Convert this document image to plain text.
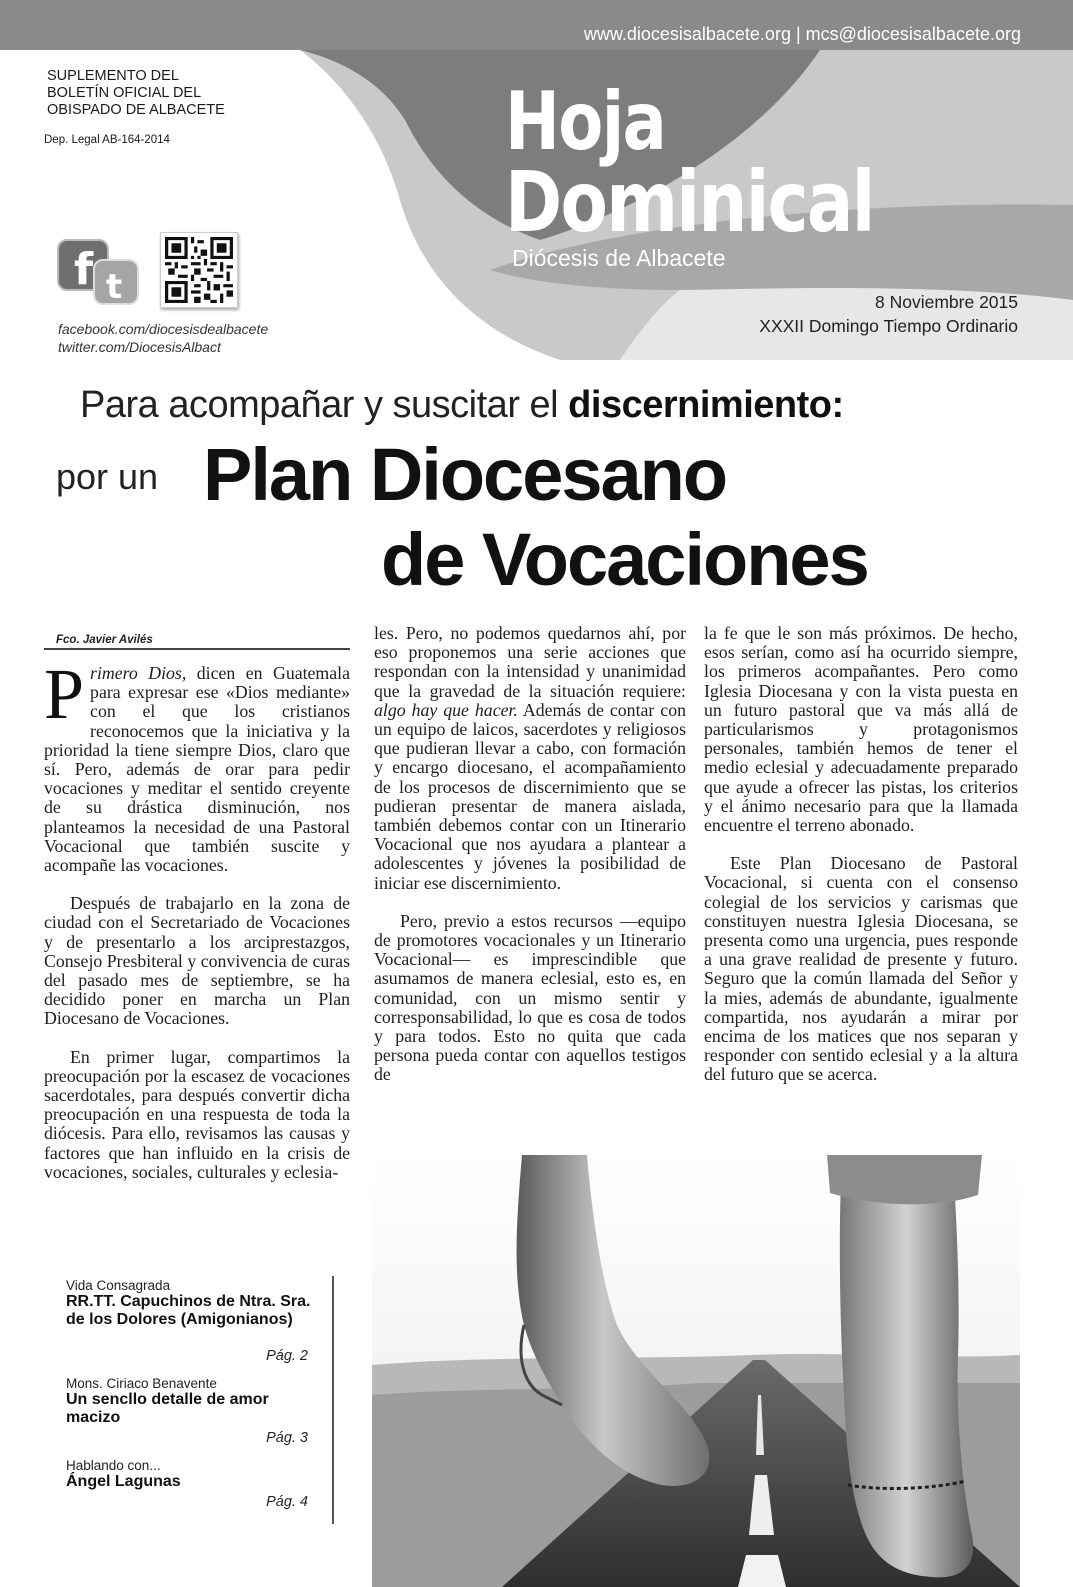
www.diocesisalbacete.org | mcs@diocesisalbacete.org
SUPLEMENTO DEL
BOLETÍN OFICIAL DEL
OBISPADO DE ALBACETE
Dep. Legal AB-164-2014	Hoja
Dominical
Diócesis de Albacete
8 Noviembre 2015
XXXII Domingo Tiempo Ordinario
f t
facebook.com/diocesisdealbacete
twitter.com/DiocesisAlbact
Para acompañar y suscitar el discernimiento:
por un Plan Diocesano
de Vocaciones
Fco. Javier Avilés

Primero Dios, dicen en Guatemala para expresar ese «Dios mediante» con el que los cristianos reconocemos que la iniciativa y la prioridad la tiene siempre Dios, claro que sí. Pero, además de orar para pedir vocaciones y meditar el sentido creyente de su drástica disminución, nos planteamos la necesidad de una Pastoral Vocacional que también suscite y acompañe las vocaciones.

Después de trabajarlo en la zona de ciudad con el Secretariado de Vocaciones y de presentarlo a los arciprestazgos, Consejo Presbiteral y convivencia de curas del pasado mes de septiembre, se ha decidido poner en marcha un Plan Diocesano de Vocaciones.

En primer lugar, compartimos la preocupación por la escasez de vocaciones sacerdotales, para después convertir dicha preocupación en una respuesta de toda la diócesis. Para ello, revisamos las causas y factores que han influido en la crisis de vocaciones, sociales, culturales y eclesia-

les. Pero, no podemos quedarnos ahí, por eso proponemos una serie acciones que respondan con la intensidad y unanimidad que la gravedad de la situación requiere: algo hay que hacer. Además de contar con un equipo de laicos, sacerdotes y religiosos que pudieran llevar a cabo, con formación y encargo diocesano, el acompañamiento de los procesos de discernimiento que se pudieran presentar de manera aislada, también debemos contar con un Itinerario Vocacional que nos ayudara a plantear a adolescentes y jóvenes la posibilidad de iniciar ese discernimiento.

Pero, previo a estos recursos —equipo de promotores vocacionales y un Itinerario Vocacional— es imprescindible que asumamos de manera eclesial, esto es, en comunidad, con un mismo sentir y corresponsabilidad, lo que es cosa de todos y para todos. Esto no quita que cada persona pueda contar con aquellos testigos de

la fe que le son más próximos. De hecho, esos serían, como así ha ocurrido siempre, los primeros acompañantes. Pero como Iglesia Diocesana y con la vista puesta en un futuro pastoral que va más allá de particularismos y protagonismos personales, también hemos de tener el medio eclesial y adecuadamente preparado que ayude a ofrecer las pistas, los criterios y el ánimo necesario para que la llamada encuentre el terreno abonado.

Este Plan Diocesano de Pastoral Vocacional, si cuenta con el consenso colegial de los servicios y carismas que constituyen nuestra Iglesia Diocesana, se presenta como una urgencia, pues responde a una grave realidad de presente y futuro. Seguro que la común llamada del Señor y la mies, además de abundante, igualmente compartida, nos ayudarán a mirar por encima de los matices que nos separan y responder con sentido eclesial y a la altura del futuro que se acerca.

Vida Consagrada
RR.TT. Capuchinos de Ntra. Sra. de los Dolores (Amigonianos)
Pág. 2
Mons. Ciriaco Benavente
Un sencllo detalle de amor macizo
Pág. 3
Hablando con...
Ángel Lagunas
Pág. 4
